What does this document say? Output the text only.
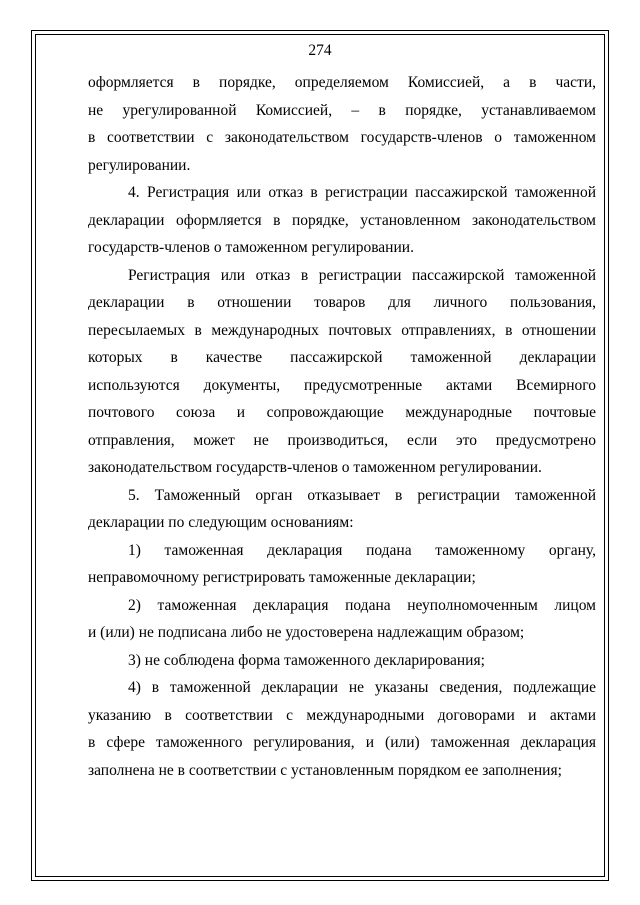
274
оформляется в порядке, определяемом Комиссией, а в части,
не урегулированной Комиссией, – в порядке, устанавливаемом
в соответствии с законодательством государств-членов о таможенном
регулировании.
4. Регистрация или отказ в регистрации пассажирской таможенной
декларации оформляется в порядке, установленном законодательством
государств-членов о таможенном регулировании.
Регистрация или отказ в регистрации пассажирской таможенной
декларации в отношении товаров для личного пользования,
пересылаемых в международных почтовых отправлениях, в отношении
которых в качестве пассажирской таможенной декларации
используются документы, предусмотренные актами Всемирного
почтового союза и сопровождающие международные почтовые
отправления, может не производиться, если это предусмотрено
законодательством государств-членов о таможенном регулировании.
5. Таможенный орган отказывает в регистрации таможенной
декларации по следующим основаниям:
1) таможенная декларация подана таможенному органу,
неправомочному регистрировать таможенные декларации;
2) таможенная декларация подана неуполномоченным лицом
и (или) не подписана либо не удостоверена надлежащим образом;
3) не соблюдена форма таможенного декларирования;
4) в таможенной декларации не указаны сведения, подлежащие
указанию в соответствии с международными договорами и актами
в сфере таможенного регулирования, и (или) таможенная декларация
заполнена не в соответствии с установленным порядком ее заполнения;
